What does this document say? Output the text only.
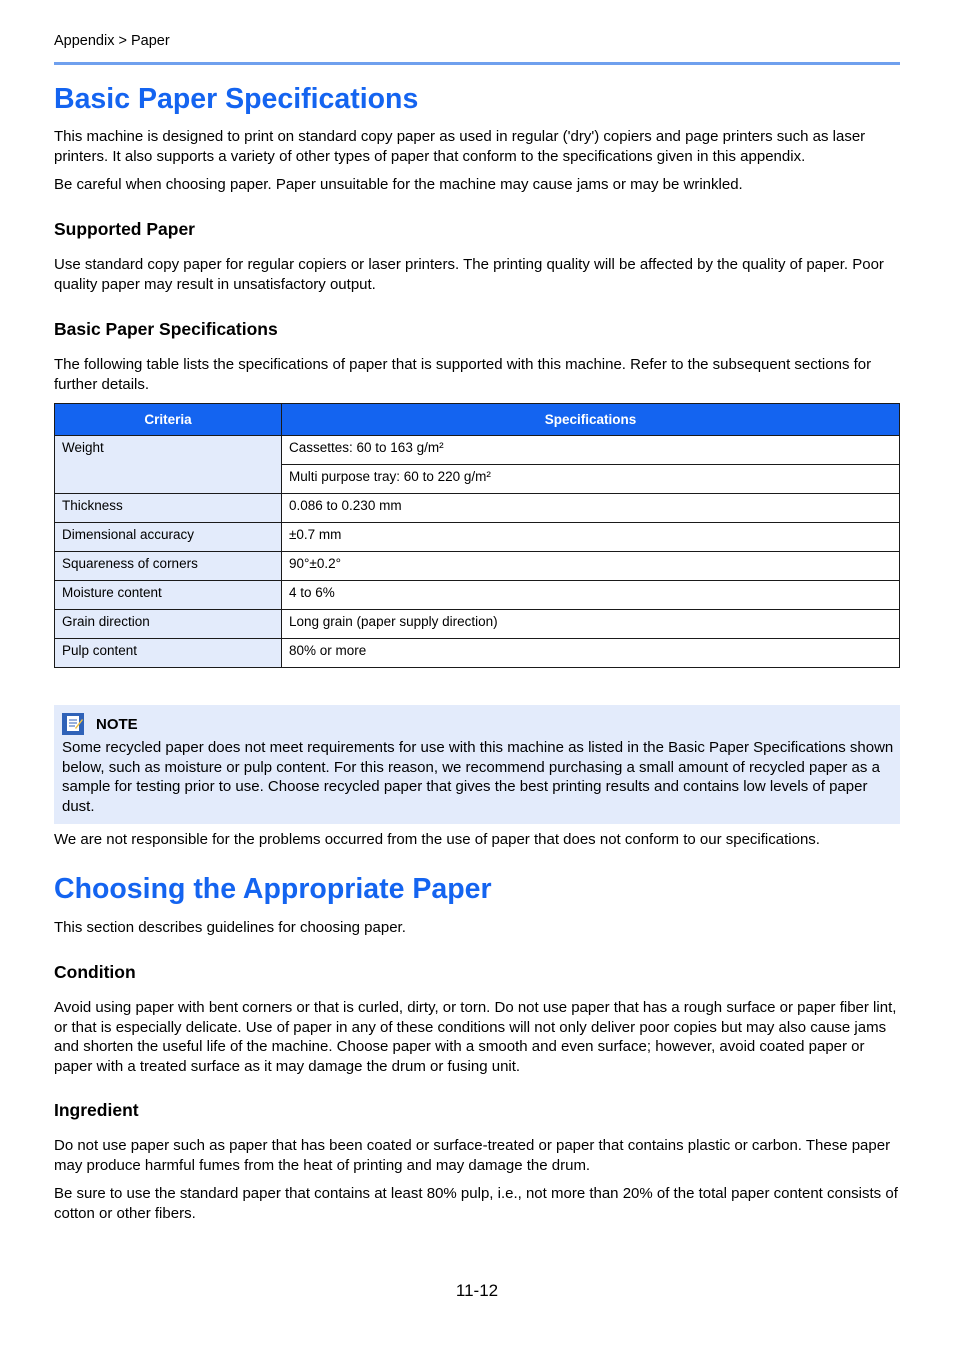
Appendix > Paper
Basic Paper Specifications

This machine is designed to print on standard copy paper as used in regular ('dry') copiers and page printers such as laser printers. It also supports a variety of other types of paper that conform to the specifications given in this appendix.

Be careful when choosing paper. Paper unsuitable for the machine may cause jams or may be wrinkled.

Supported Paper

Use standard copy paper for regular copiers or laser printers. The printing quality will be affected by the quality of paper. Poor quality paper may result in unsatisfactory output.

Basic Paper Specifications

The following table lists the specifications of paper that is supported with this machine. Refer to the subsequent sections for further details.

Criteria	Specifications
Weight	Cassettes: 60 to 163 g/m²
	Multi purpose tray: 60 to 220 g/m²
Thickness	0.086 to 0.230 mm
Dimensional accuracy	±0.7 mm
Squareness of corners	90°±0.2°
Moisture content	4 to 6%
Grain direction	Long grain (paper supply direction)
Pulp content	80% or more
NOTE
Some recycled paper does not meet requirements for use with this machine as listed in the Basic Paper Specifications shown below, such as moisture or pulp content. For this reason, we recommend purchasing a small amount of recycled paper as a sample for testing prior to use. Choose recycled paper that gives the best printing results and contains low levels of paper dust.

We are not responsible for the problems occurred from the use of paper that does not conform to our specifications.

Choosing the Appropriate Paper

This section describes guidelines for choosing paper.

Condition

Avoid using paper with bent corners or that is curled, dirty, or torn. Do not use paper that has a rough surface or paper fiber lint, or that is especially delicate. Use of paper in any of these conditions will not only deliver poor copies but may also cause jams and shorten the useful life of the machine. Choose paper with a smooth and even surface; however, avoid coated paper or paper with a treated surface as it may damage the drum or fusing unit.

Ingredient

Do not use paper such as paper that has been coated or surface-treated or paper that contains plastic or carbon. These paper may produce harmful fumes from the heat of printing and may damage the drum.

Be sure to use the standard paper that contains at least 80% pulp, i.e., not more than 20% of the total paper content consists of cotton or other fibers.

11-12
